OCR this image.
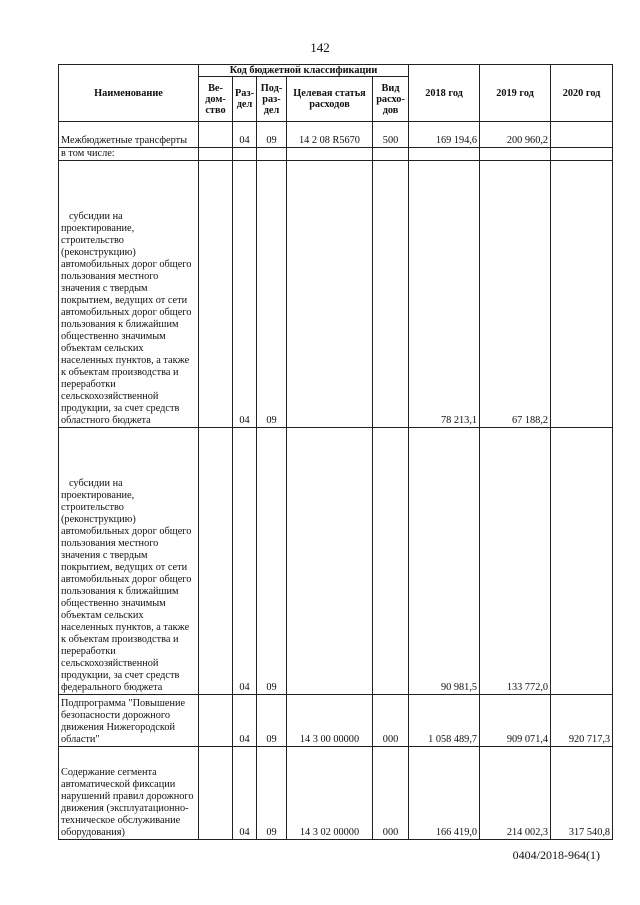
142
Наименование	Код бюджетной классификации					2018 год	2019 год	2020 год
	Ве-дом-ство	Раз-дел	Под-раз-дел	Целевая статья расходов	Вид расхо-дов			
Межбюджетные трансферты		04	09	14 2 08 R5670	500	169 194,6	200 960,2	
в том числе:								
субсидии на проектирование, строительство (реконструкцию) автомобильных дорог общего пользования местного значения с твердым покрытием, ведущих от сети автомобильных дорог общего пользования к ближайшим общественно значимым объектам сельских населенных пунктов, а также к объектам производства и переработки сельскохозяйственной продукции, за счет средств областного бюджета		04	09			78 213,1	67 188,2	
субсидии на проектирование, строительство (реконструкцию) автомобильных дорог общего пользования местного значения с твердым покрытием, ведущих от сети автомобильных дорог общего пользования к ближайшим общественно значимым объектам сельских населенных пунктов, а также к объектам производства и переработки сельскохозяйственной продукции, за счет средств федерального бюджета		04	09			90 981,5	133 772,0	
Подпрограмма "Повышение безопасности дорожного движения Нижегородской области"		04	09	14 3 00 00000	000	1 058 489,7	909 071,4	920 717,3
Содержание сегмента автоматической фиксации нарушений правил дорожного движения (эксплуатационно-техническое обслуживание оборудования)		04	09	14 3 02 00000	000	166 419,0	214 002,3	317 540,8
0404/2018-964(1)
